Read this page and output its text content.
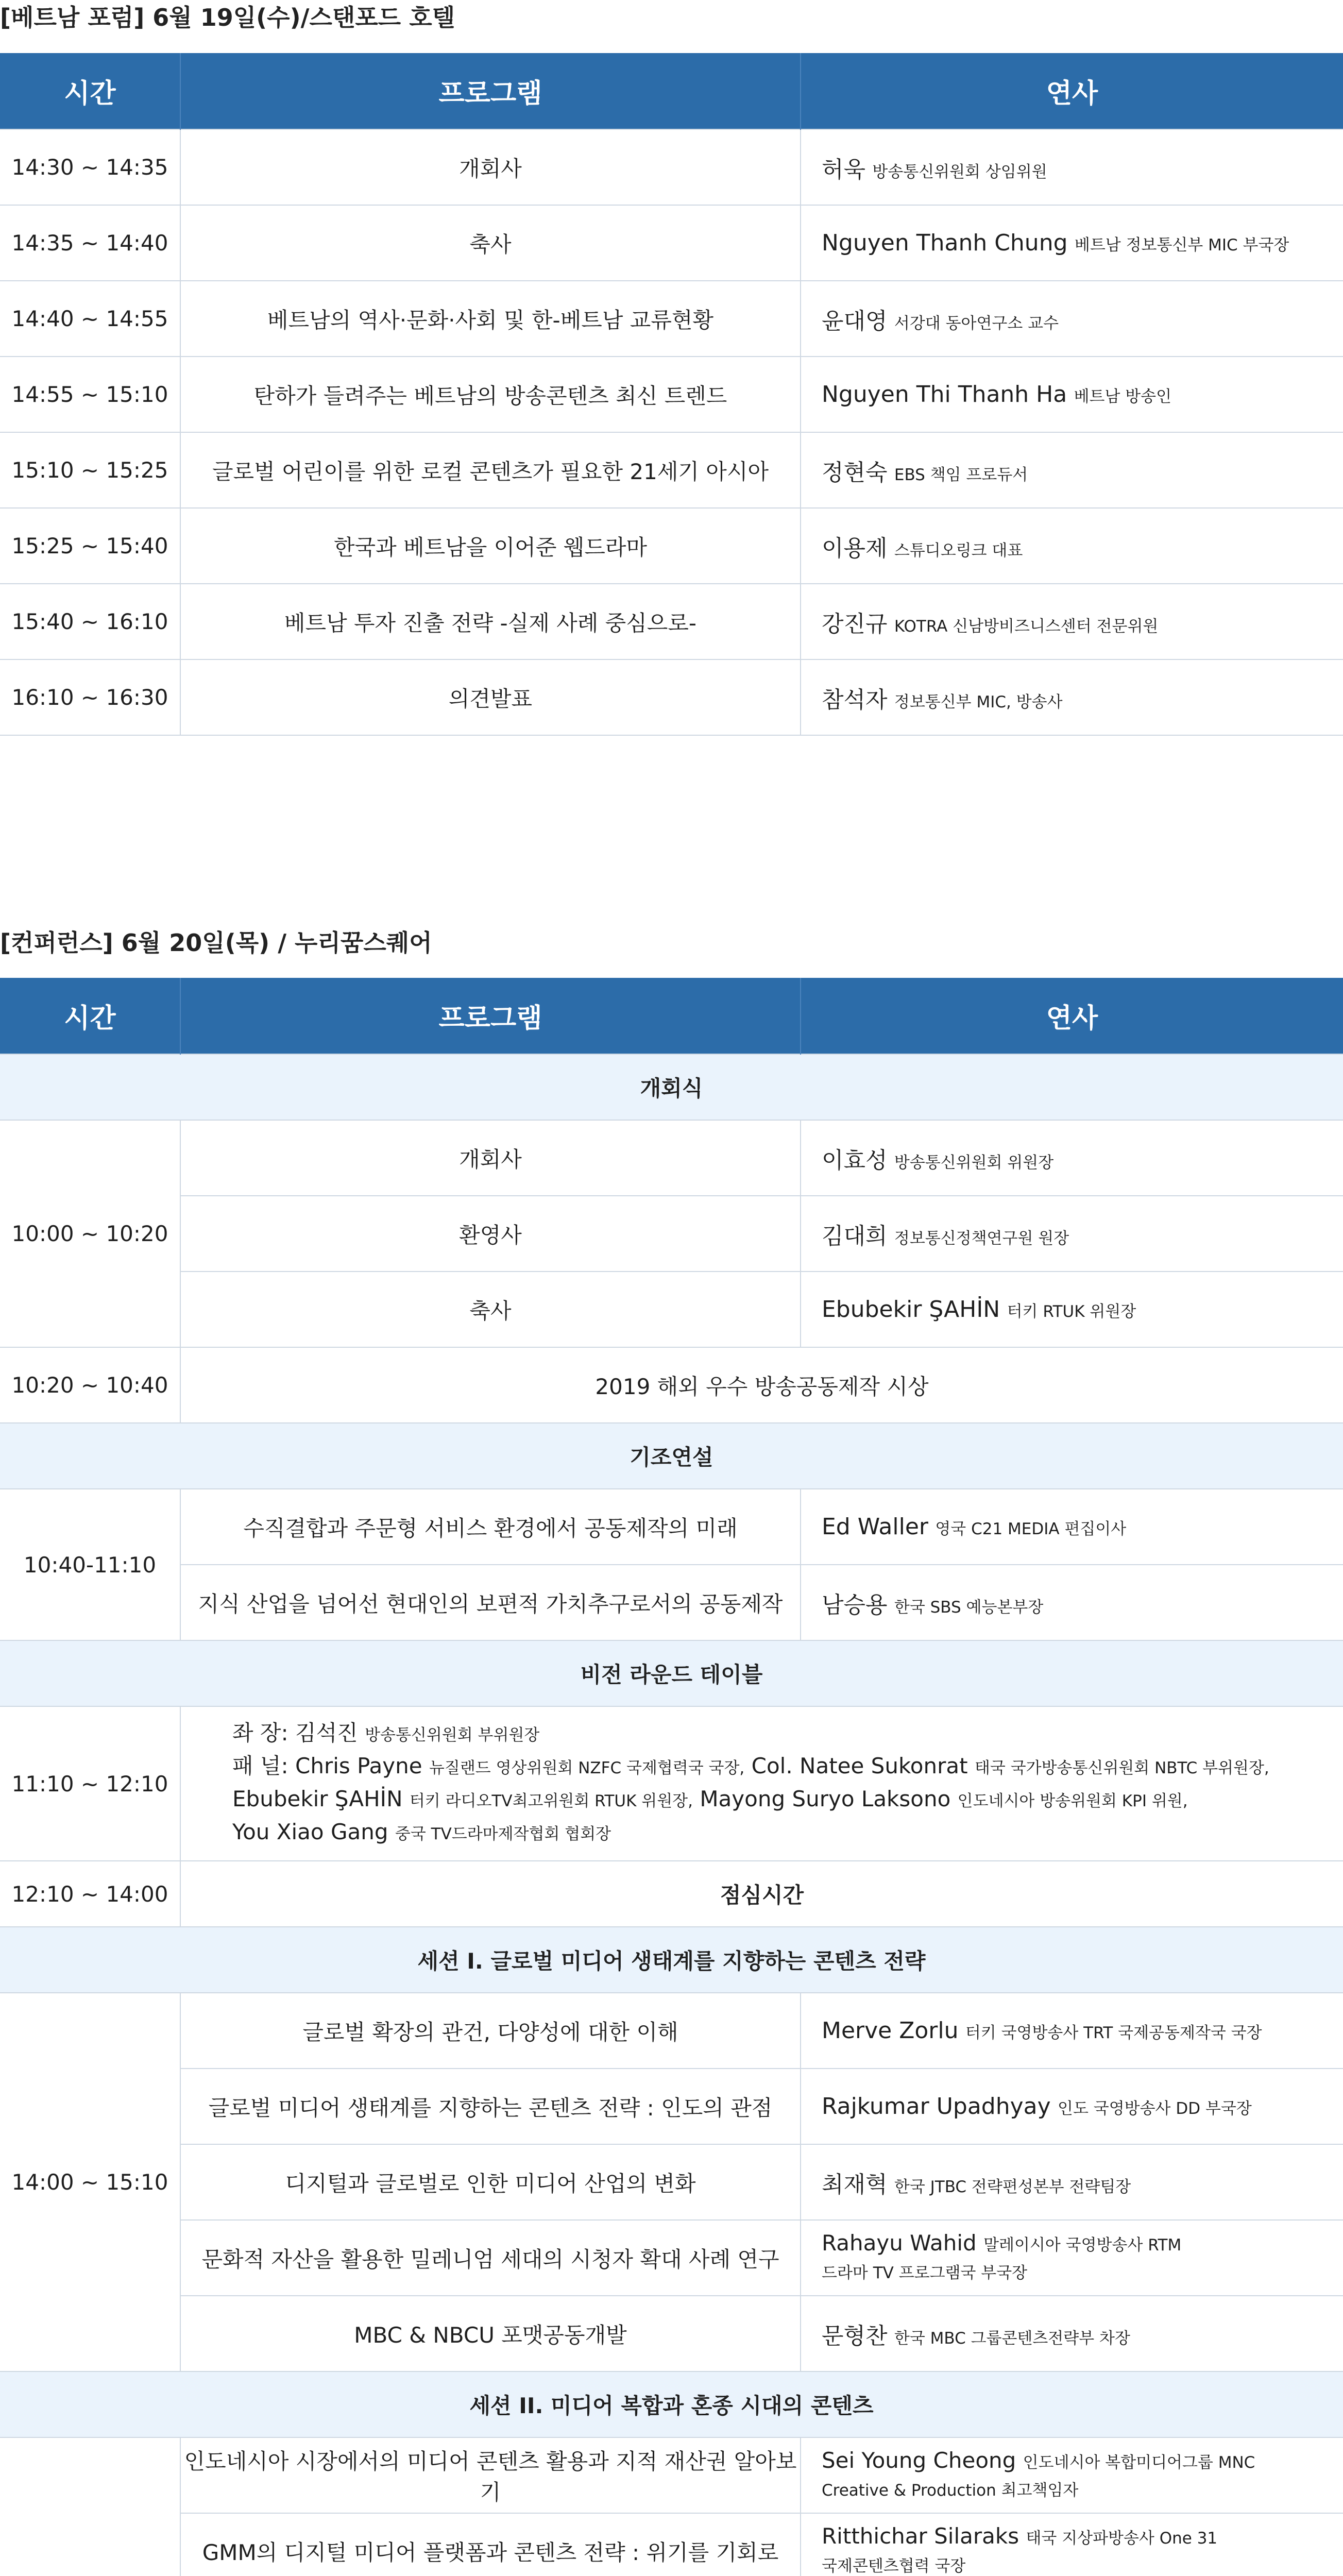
[베트남 포럼] 6월 19일(수)/스탠포드 호텔
시간	프로그램	연사
14:30 ~ 14:35	개회사	허욱 방송통신위원회 상임위원
14:35 ~ 14:40	축사	Nguyen Thanh Chung 베트남 정보통신부 MIC 부국장
14:40 ~ 14:55	베트남의 역사·문화·사회 및 한-베트남 교류현황	윤대영 서강대 동아연구소 교수
14:55 ~ 15:10	탄하가 들려주는 베트남의 방송콘텐츠 최신 트렌드	Nguyen Thi Thanh Ha 베트남 방송인
15:10 ~ 15:25	글로벌 어린이를 위한 로컬 콘텐츠가 필요한 21세기 아시아	정현숙 EBS 책임 프로듀서
15:25 ~ 15:40	한국과 베트남을 이어준 웹드라마	이용제 스튜디오링크 대표
15:40 ~ 16:10	베트남 투자 진출 전략 -실제 사례 중심으로-	강진규 KOTRA 신남방비즈니스센터 전문위원
16:10 ~ 16:30	의견발표	참석자 정보통신부 MIC, 방송사
[컨퍼런스] 6월 20일(목) / 누리꿈스퀘어
시간	프로그램	연사
개회식		
10:00 ~ 10:20	개회사	이효성 방송통신위원회 위원장
	환영사	김대희 정보통신정책연구원 원장
	축사	Ebubekir ŞAHİN 터키 RTUK 위원장
10:20 ~ 10:40	2019 해외 우수 방송공동제작 시상	
기조연설		
10:40-11:10	수직결합과 주문형 서비스 환경에서 공동제작의 미래	Ed Waller 영국 C21 MEDIA 편집이사
	지식 산업을 넘어선 현대인의 보편적 가치추구로서의 공동제작	남승용 한국 SBS 예능본부장
비전 라운드 테이블		
11:10 ~ 12:10	좌 장: 김석진 방송통신위원회 부위원장
패 널: Chris Payne 뉴질랜드 영상위원회 NZFC 국제협력국 국장, Col. Natee Sukonrat 태국 국가방송통신위원회 NBTC 부위원장,
Ebubekir ŞAHİN 터키 라디오TV최고위원회 RTUK 위원장, Mayong Suryo Laksono 인도네시아 방송위원회 KPI 위원,
You Xiao Gang 중국 TV드라마제작협회 협회장	
12:10 ~ 14:00	점심시간	
세션 I. 글로벌 미디어 생태계를 지향하는 콘텐츠 전략		
14:00 ~ 15:10	글로벌 확장의 관건, 다양성에 대한 이해	Merve Zorlu 터키 국영방송사 TRT 국제공동제작국 국장
	글로벌 미디어 생태계를 지향하는 콘텐츠 전략 : 인도의 관점	Rajkumar Upadhyay 인도 국영방송사 DD 부국장
	디지털과 글로벌로 인한 미디어 산업의 변화	최재혁 한국 JTBC 전략편성본부 전략팀장
	문화적 자산을 활용한 밀레니엄 세대의 시청자 확대 사례 연구	Rahayu Wahid 말레이시아 국영방송사 RTM
드라마 TV 프로그램국 부국장
	MBC & NBCU 포맷공동개발	문형찬 한국 MBC 그룹콘텐츠전략부 차장
세션 II. 미디어 복합과 혼종 시대의 콘텐츠		
	인도네시아 시장에서의 미디어 콘텐츠 활용과 지적 재산권 알아보기	Sei Young Cheong 인도네시아 복합미디어그룹 MNC
Creative & Production 최고책임자
	GMM의 디지털 미디어 플랫폼과 콘텐츠 전략 : 위기를 기회로	Ritthichar Silaraks 태국 지상파방송사 One 31
국제콘텐츠협력 국장
